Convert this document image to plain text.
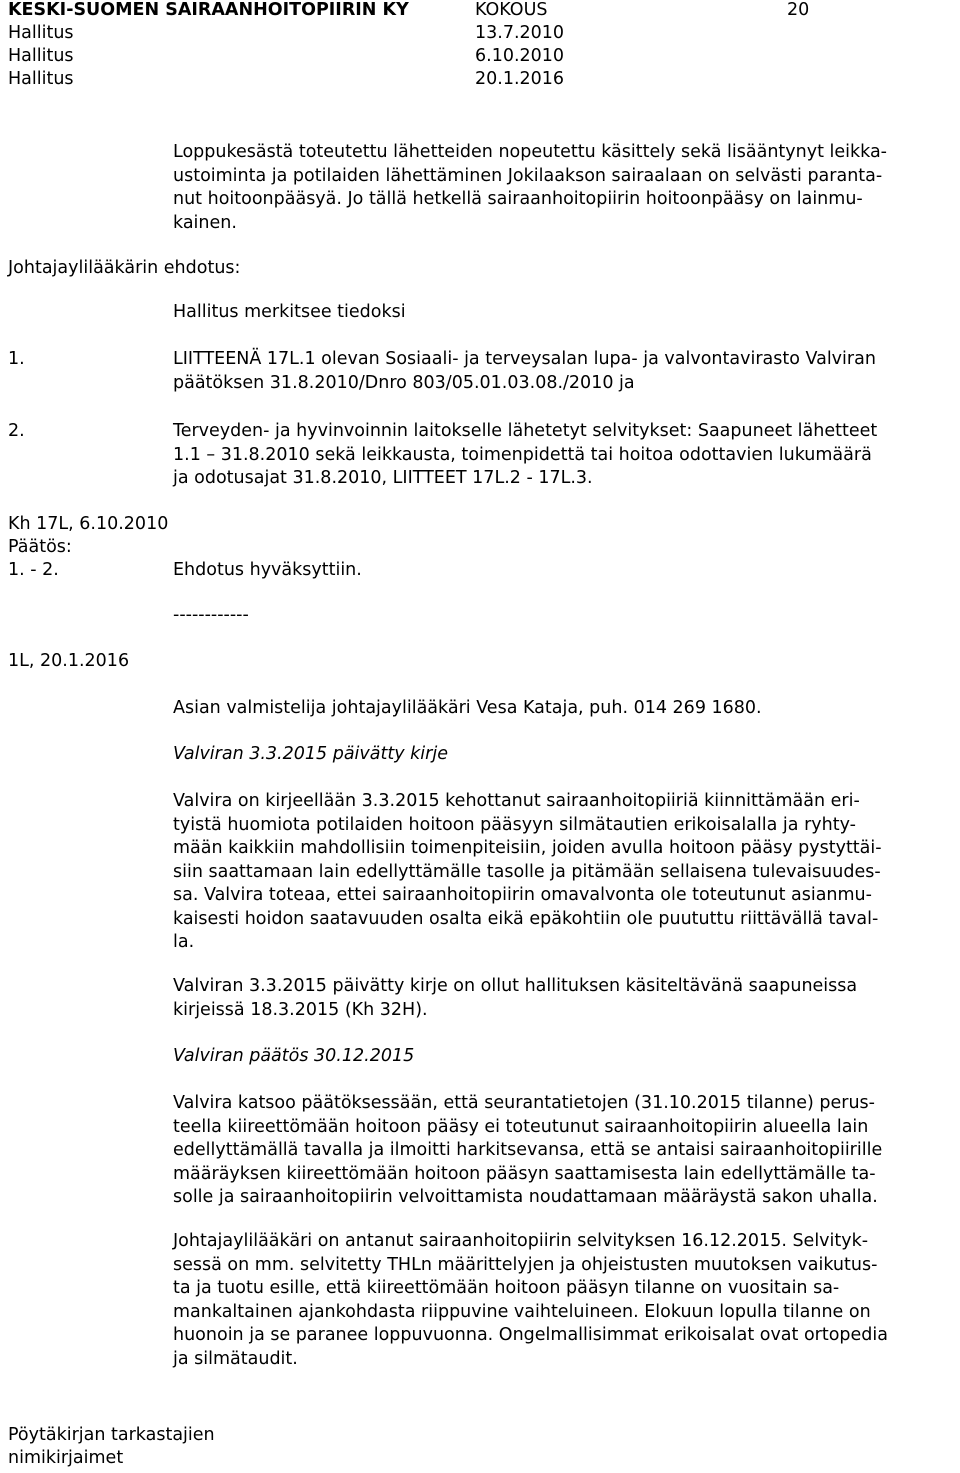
KESKI-SUOMEN SAIRAANHOITOPIIRIN KY	KOKOUS	20
Hallitus	13.7.2010
Hallitus	6.10.2010
Hallitus	20.1.2016
Loppukesästä toteutettu lähetteiden nopeutettu käsittely sekä lisääntynyt leikka-
ustoiminta ja potilaiden lähettäminen Jokilaakson sairaalaan on selvästi paranta-
nut hoitoonpääsyä. Jo tällä hetkellä sairaanhoitopiirin hoitoonpääsy on lainmu-
kainen.
Johtajaylilääkärin ehdotus:
Hallitus merkitsee tiedoksi
1.	LIITTEENÄ 17L.1 olevan Sosiaali- ja terveysalan lupa- ja valvontavirasto Valviran
päätöksen 31.8.2010/Dnro 803/05.01.03.08./2010 ja
2.	Terveyden- ja hyvinvoinnin laitokselle lähetetyt selvitykset: Saapuneet lähetteet
1.1 – 31.8.2010 sekä leikkausta, toimenpidettä tai hoitoa odottavien lukumäärä
ja odotusajat 31.8.2010, LIITTEET 17L.2 - 17L.3.
Kh 17L, 6.10.2010
Päätös:
1. - 2.	Ehdotus hyväksyttiin.
------------
1L, 20.1.2016
Asian valmistelija johtajaylilääkäri Vesa Kataja, puh. 014 269 1680.
Valviran 3.3.2015 päivätty kirje
Valvira on kirjeellään 3.3.2015 kehottanut sairaanhoitopiiriä kiinnittämään eri-
tyistä huomiota potilaiden hoitoon pääsyyn silmätautien erikoisalalla ja ryhty-
mään kaikkiin mahdollisiin toimenpiteisiin, joiden avulla hoitoon pääsy pystyttäi-
siin saattamaan lain edellyttämälle tasolle ja pitämään sellaisena tulevaisuudes-
sa. Valvira toteaa, ettei sairaanhoitopiirin omavalvonta ole toteutunut asianmu-
kaisesti hoidon saatavuuden osalta eikä epäkohtiin ole puututtu riittävällä taval-
la.
Valviran 3.3.2015 päivätty kirje on ollut hallituksen käsiteltävänä saapuneissa
kirjeissä 18.3.2015 (Kh 32H).
Valviran päätös 30.12.2015
Valvira katsoo päätöksessään, että seurantatietojen (31.10.2015 tilanne) perus-
teella kiireettömään hoitoon pääsy ei toteutunut sairaanhoitopiirin alueella lain
edellyttämällä tavalla ja ilmoitti harkitsevansa, että se antaisi sairaanhoitopiirille
määräyksen kiireettömään hoitoon pääsyn saattamisesta lain edellyttämälle ta-
solle ja sairaanhoitopiirin velvoittamista noudattamaan määräystä sakon uhalla.
Johtajaylilääkäri on antanut sairaanhoitopiirin selvityksen 16.12.2015. Selvityk-
sessä on mm. selvitetty THLn määrittelyjen ja ohjeistusten muutoksen vaikutus-
ta ja tuotu esille, että kiireettömään hoitoon pääsyn tilanne on vuositain sa-
mankaltainen ajankohdasta riippuvine vaihteluineen. Elokuun lopulla tilanne on
huonoin ja se paranee loppuvuonna. Ongelmallisimmat erikoisalat ovat ortopedia
ja silmätaudit.
Pöytäkirjan tarkastajien
nimikirjaimet
